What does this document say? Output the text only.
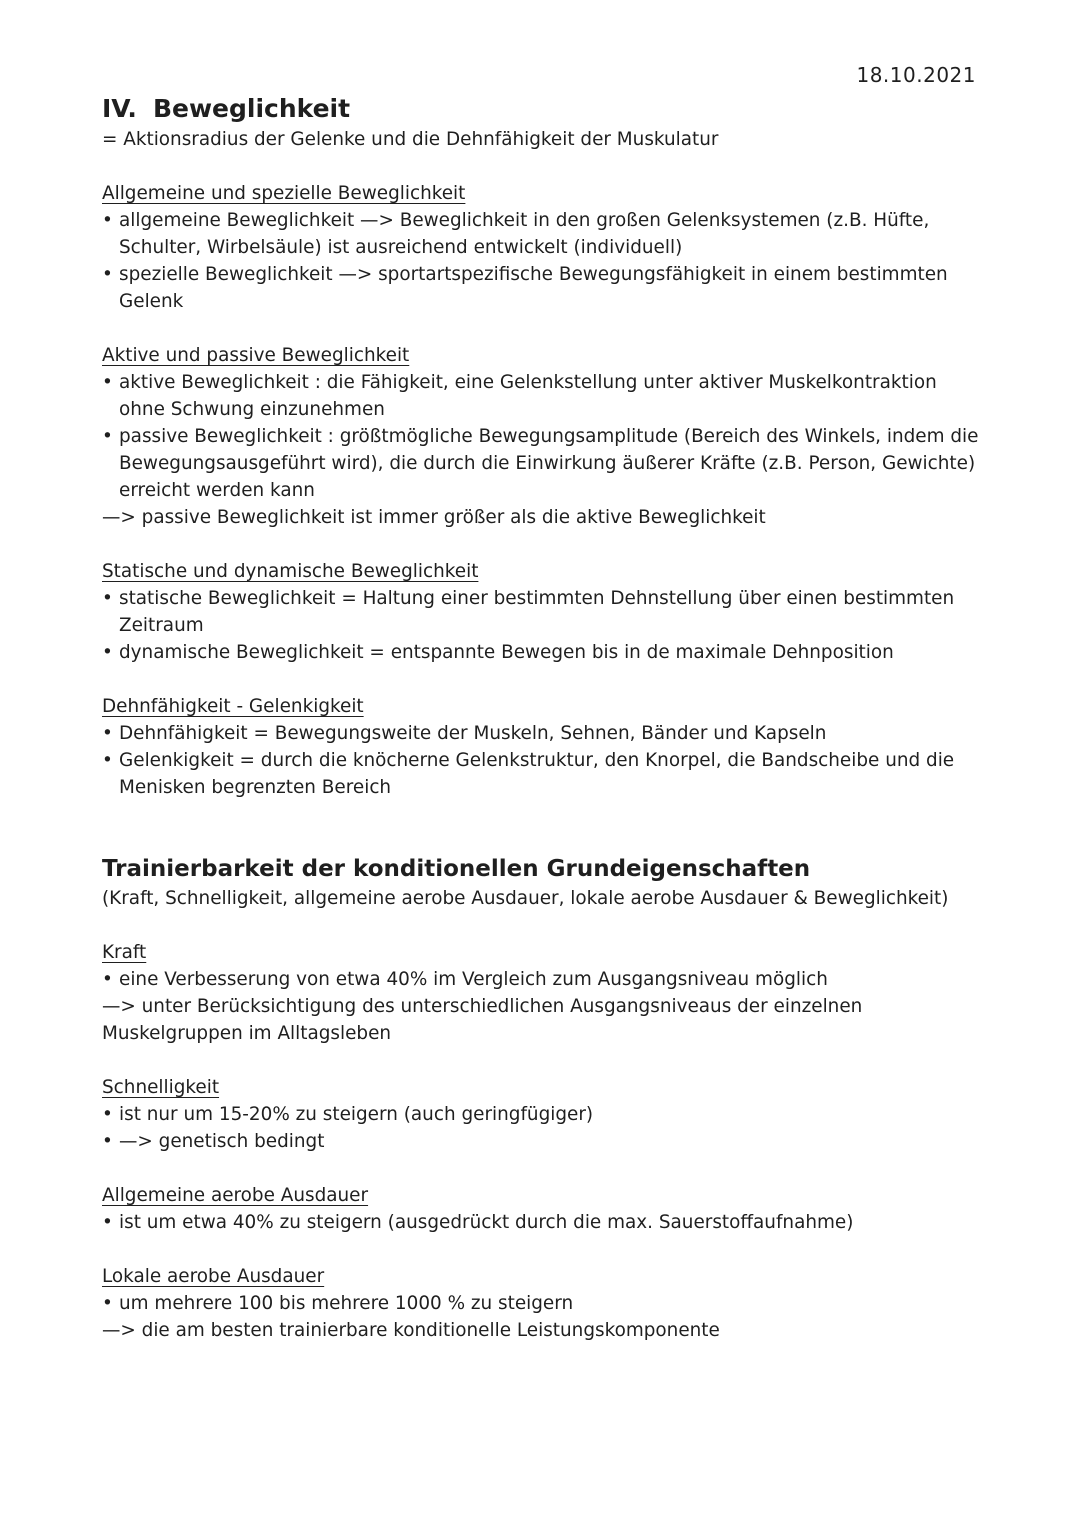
18.10.2021
IV. Beweglichkeit

= Aktionsradius der Gelenke und die Dehnfähigkeit der Muskulatur

Allgemeine und spezielle Beweglichkeit
• allgemeine Beweglichkeit —> Beweglichkeit in den großen Gelenksystemen (z.B. Hüfte, Schulter, Wirbelsäule) ist ausreichend entwickelt (individuell)
• spezielle Beweglichkeit —> sportartspezifische Bewegungsfähigkeit in einem bestimmten Gelenk
Aktive und passive Beweglichkeit
• aktive Beweglichkeit : die Fähigkeit, eine Gelenkstellung unter aktiver Muskelkontraktion ohne Schwung einzunehmen
• passive Beweglichkeit : größtmögliche Bewegungsamplitude (Bereich des Winkels, indem die Bewegungsausgeführt wird), die durch die Einwirkung äußerer Kräfte (z.B. Person, Gewichte) erreicht werden kann
—> passive Beweglichkeit ist immer größer als die aktive Beweglichkeit
Statische und dynamische Beweglichkeit
• statische Beweglichkeit = Haltung einer bestimmten Dehnstellung über einen bestimmten Zeitraum
• dynamische Beweglichkeit = entspannte Bewegen bis in de maximale Dehnposition
Dehnfähigkeit - Gelenkigkeit
• Dehnfähigkeit = Bewegungsweite der Muskeln, Sehnen, Bänder und Kapseln
• Gelenkigkeit = durch die knöcherne Gelenkstruktur, den Knorpel, die Bandscheibe und die Menisken begrenzten Bereich
Trainierbarkeit der konditionellen Grundeigenschaften
(Kraft, Schnelligkeit, allgemeine aerobe Ausdauer, lokale aerobe Ausdauer & Beweglichkeit)
Kraft
• eine Verbesserung von etwa 40% im Vergleich zum Ausgangsniveau möglich
—> unter Berücksichtigung des unterschiedlichen Ausgangsniveaus der einzelnen Muskelgruppen im Alltagsleben
Schnelligkeit
• ist nur um 15-20% zu steigern (auch geringfügiger)
• —> genetisch bedingt
Allgemeine aerobe Ausdauer
• ist um etwa 40% zu steigern (ausgedrückt durch die max. Sauerstoffaufnahme)
Lokale aerobe Ausdauer
• um mehrere 100 bis mehrere 1000 % zu steigern
—> die am besten trainierbare konditionelle Leistungskomponente
